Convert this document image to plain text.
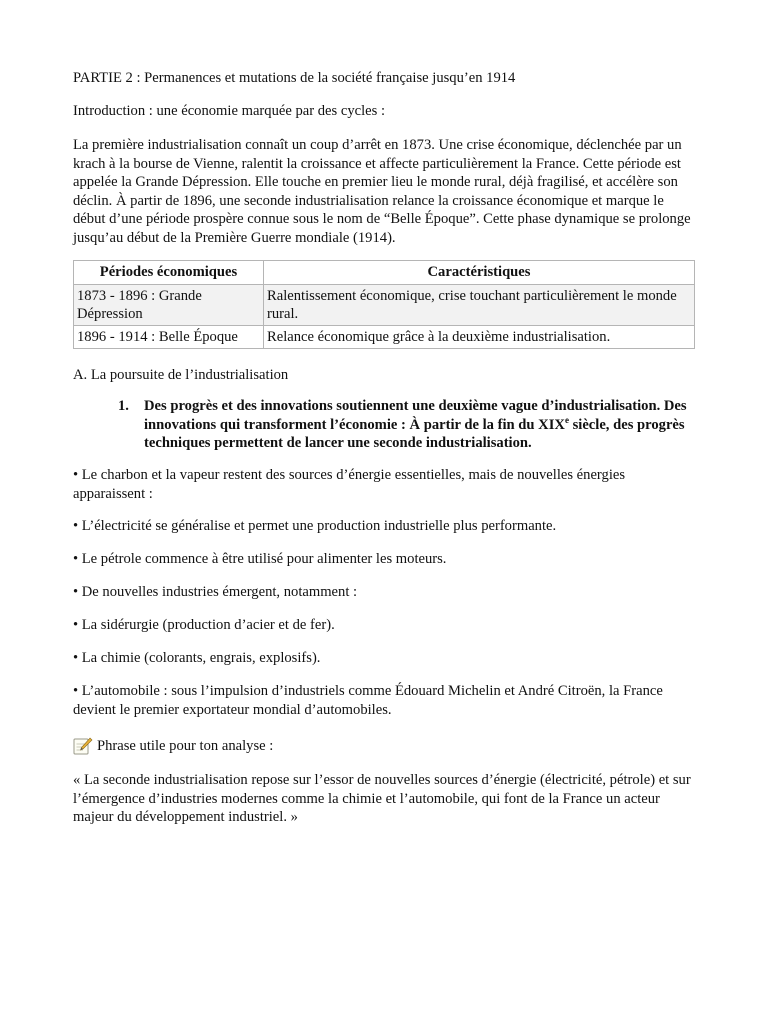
PARTIE 2 : Permanences et mutations de la société française jusqu’en 1914

Introduction : une économie marquée par des cycles :

La première industrialisation connaît un coup d’arrêt en 1873. Une crise économique, déclenchée par un krach à la bourse de Vienne, ralentit la croissance et affecte particulièrement la France. Cette période est appelée la Grande Dépression. Elle touche en premier lieu le monde rural, déjà fragilisé, et accélère son déclin. À partir de 1896, une seconde industrialisation relance la croissance économique et marque le début d’une période prospère connue sous le nom de “Belle Époque”. Cette phase dynamique se prolonge jusqu’au début de la Première Guerre mondiale (1914).

Périodes économiques	Caractéristiques
1873 - 1896 : Grande Dépression	Ralentissement économique, crise touchant particulièrement le monde rural.
1896 - 1914 : Belle Époque	Relance économique grâce à la deuxième industrialisation.

A. La poursuite de l’industrialisation

1.	Des progrès et des innovations soutiennent une deuxième vague d’industrialisation. Des innovations qui transforment l’économie : À partir de la fin du XIXe siècle, des progrès techniques permettent de lancer une seconde industrialisation.

• Le charbon et la vapeur restent des sources d’énergie essentielles, mais de nouvelles énergies apparaissent :

• L’électricité se généralise et permet une production industrielle plus performante.

• Le pétrole commence à être utilisé pour alimenter les moteurs.

• De nouvelles industries émergent, notamment :

• La sidérurgie (production d’acier et de fer).

• La chimie (colorants, engrais, explosifs).

• L’automobile : sous l’impulsion d’industriels comme Édouard Michelin et André Citroën, la France devient le premier exportateur mondial d’automobiles.

Phrase utile pour ton analyse :

« La seconde industrialisation repose sur l’essor de nouvelles sources d’énergie (électricité, pétrole) et sur l’émergence d’industries modernes comme la chimie et l’automobile, qui font de la France un acteur majeur du développement industriel. »
